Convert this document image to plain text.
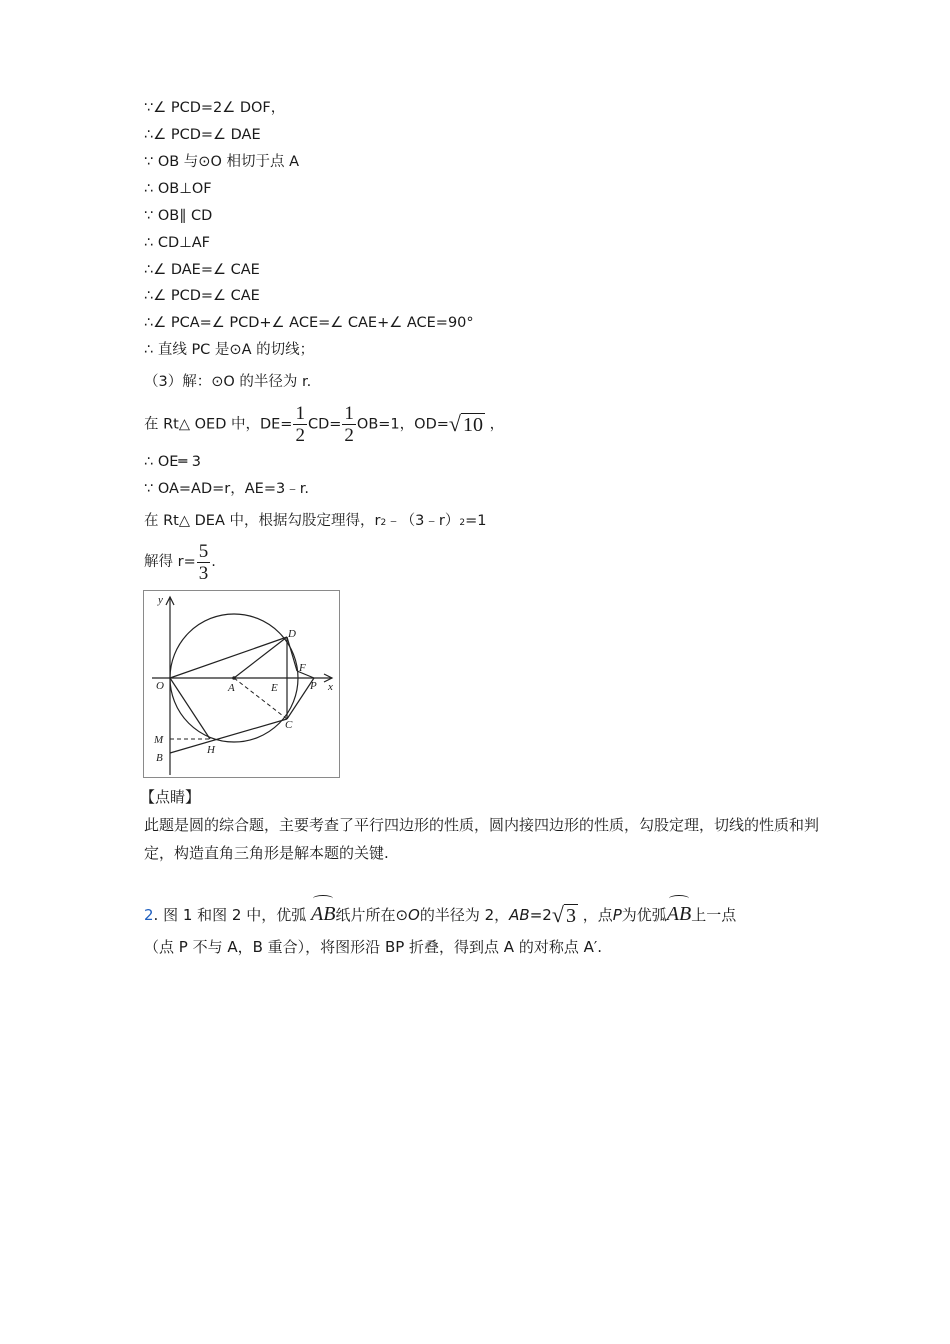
∵∠ PCD=2∠ DOF，
∴∠ PCD=∠ DAE
∵ OB 与⊙O 相切于点 A
∴ OB⊥OF
∵ OB∥ CD
∴ CD⊥AF
∴∠ DAE=∠ CAE
∴∠ PCD=∠ CAE
∴∠ PCA=∠ PCD+∠ ACE=∠ CAE+∠ ACE=90°
∴ 直线 PC 是⊙A 的切线；
（3）解：⊙O 的半径为 r.
在 Rt△ OED 中，$DE= \frac{1}{2} CD= \frac{1}{2} OB=1$，OD=√ 10 ，
∴ OE═ 3
∵ OA=AD=r，AE=3﹣r.
在 Rt△ DEA 中，根据勾股定理得，r2﹣（3﹣r）2=1
解得 $r= \frac{5}{3}$ .
y
x
O	A	E	P
D
F
C
H
M
B
【点睛】
此题是圆的综合题，主要考查了平行四边形的性质，圆内接四边形的性质，勾股定理，切线的性质和判定，构造直角三角形是解本题的关键.
2. 图 1 和图 2 中，优弧 AB纸片所在⊙O的半径为 2，AB=2√ 3 ，点P为优弧AB上一点
（点 P 不与 A，B 重合），将图形沿 BP 折叠，得到点 A 的对称点 A′.
